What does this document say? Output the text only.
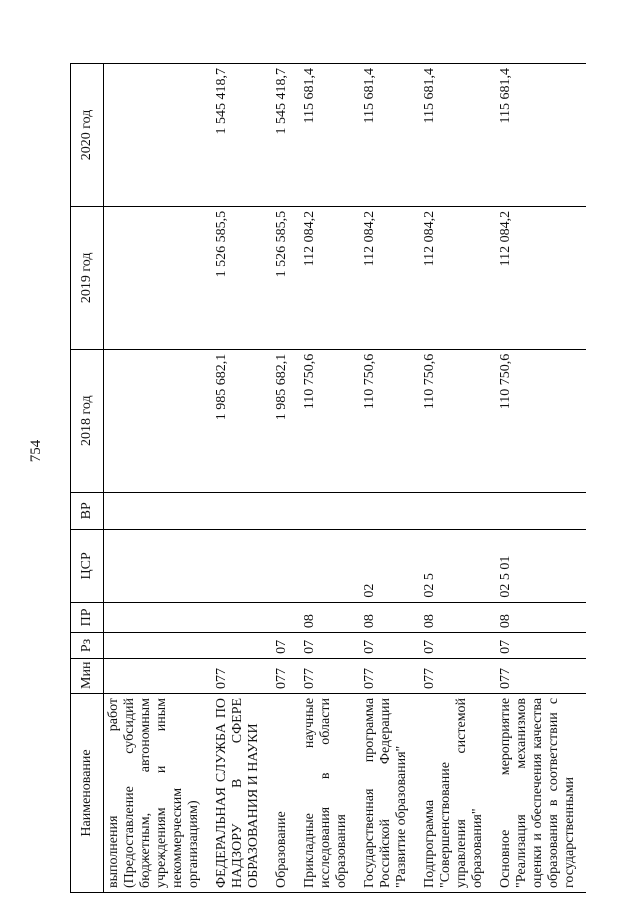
754
Наименование	Мин	Рз	ПР	ЦСР	ВР	2018 год	2019 год	2020 год
выполнения работ (Предоставление субсидий бюджетным, автономным учреждениям и иным некоммерческим организациям)								
ФЕДЕРАЛЬНАЯ СЛУЖБА ПО НАДЗОРУ В СФЕРЕ ОБРАЗОВАНИЯ И НАУКИ	077					1 985 682,1	1 526 585,5	1 545 418,7
Образование	077	07				1 985 682,1	1 526 585,5	1 545 418,7
Прикладные научные исследования в области образования	077	07	08			110 750,6	112 084,2	115 681,4
Государственная программа Российской Федерации "Развитие образования"	077	07	08	02		110 750,6	112 084,2	115 681,4
Подпрограмма "Совершенствование управления системой образования"	077	07	08	02 5		110 750,6	112 084,2	115 681,4
Основное мероприятие "Реализация механизмов оценки и обеспечения качества образования в соответствии с государственными	077	07	08	02 5 01		110 750,6	112 084,2	115 681,4
